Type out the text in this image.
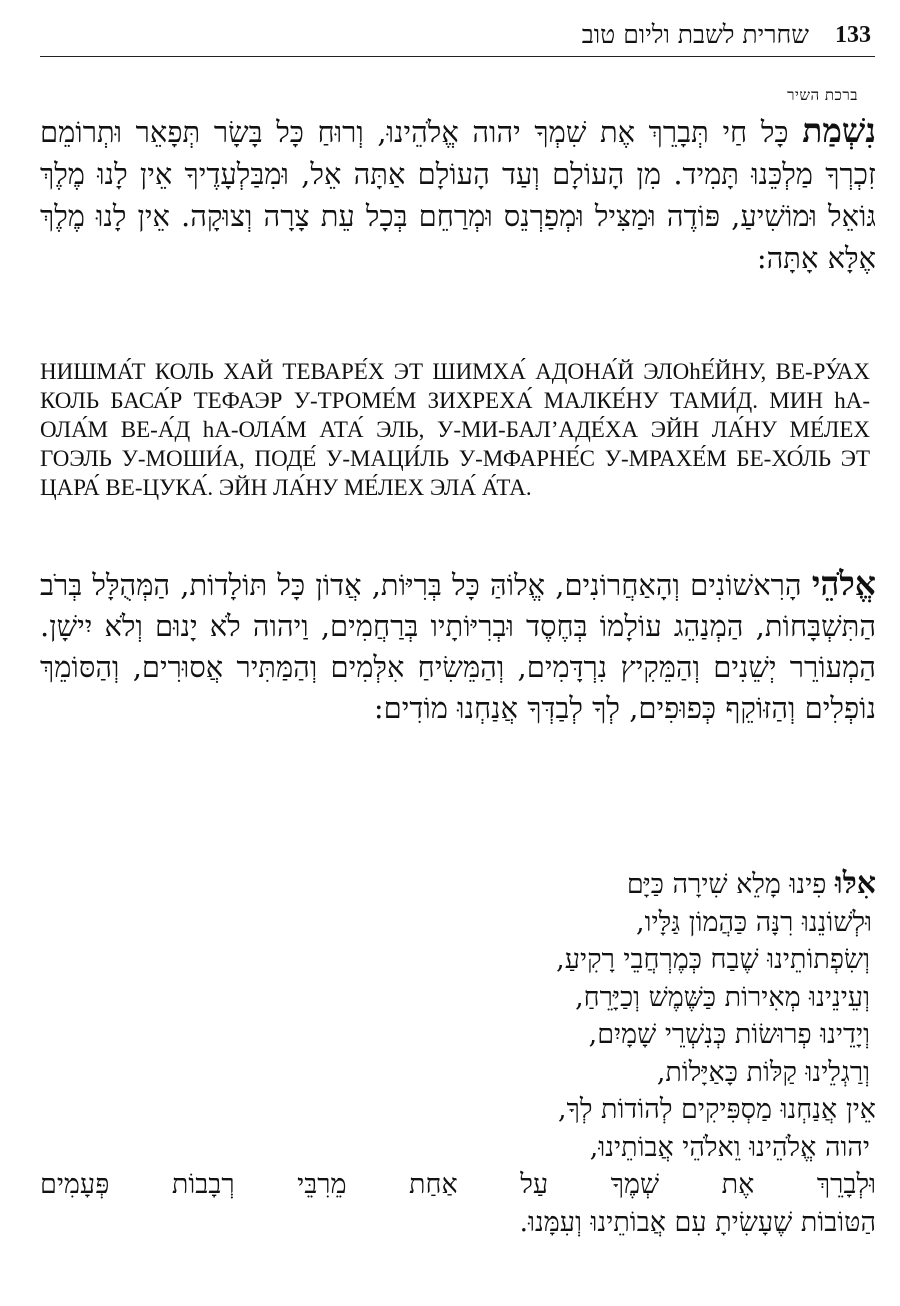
133
שחרית לשבת וליום טוב
ברכת השיר
נִשְׁמַת כָּל חַי תְּבָרֵךְ אֶת שִׁמְךָ יהוה אֱלֹהֵינוּ, וְרוּחַ כָּל בָּשָׂר תְּפָאֵר וּתְרוֹמֵם זִכְרְךָ מַלְכֵּנוּ תָּמִיד. מִן הָעוֹלָם וְעַד הָעוֹלָם אַתָּה אֵל, וּמִבַּלְעָדֶיךָ אֵין לָנוּ מֶלֶךְ גּוֹאֵל וּמוֹשִׁיעַ, פּוֹדֶה וּמַצִּיל וּמְפַרְנֵס וּמְרַחֵם בְּכָל עֵת צָרָה וְצוּקָה. אֵין לָנוּ מֶלֶךְ אֶלָּא אָתָּה:
НИШМА́Т КОЛЬ ХАЙ ТЕВАРЕ́Х ЭТ ШИМХА́ АДОНА́Й ЭЛОhЕ́ЙНУ, ВЕ-РУ́АХ КОЛЬ БАСА́Р ТЕФАЭР У-ТРОМЕ́М ЗИХРЕХА́ МАЛКЕ́НУ ТАМИ́Д. МИН hА-ОЛА́М ВЕ-А́Д hА-ОЛА́М АТА́ ЭЛЬ, У-МИ-БАЛ’АДЕ́ХА ЭЙН ЛА́НУ МЕ́ЛЕХ ГОЭЛЬ У-МОШИ́А, ПОДЕ́ У-МАЦИ́ЛЬ У-МФАРНЕ́С У-МРАХЕ́М БЕ-ХО́ЛЬ ЭТ ЦАРА́ ВЕ-ЦУКА́. ЭЙН ЛА́НУ МЕ́ЛЕХ ЭЛА́ А́ТА.
אֱלֹהֵי הָרִאשׁוֹנִים וְהָאַחֲרוֹנִים, אֱלוֹהַּ כָּל בְּרִיּוֹת, אֲדוֹן כָּל תּוֹלָדוֹת, הַמְּהֻלָּל בְּרֹב הַתִּשְׁבָּחוֹת, הַמְנַהֵג עוֹלָמוֹ בְּחֶסֶד וּבְרִיּוֹתָיו בְּרַחֲמִים, וַיהוה לֹא יָנוּם וְלֹא יִישָׁן. הַמְעוֹרֵר יְשֵׁנִים וְהַמֵּקִיץ נִרְדָּמִים, וְהַמֵּשִׂיחַ אִלְּמִים וְהַמַּתִּיר אֲסוּרִים, וְהַסּוֹמֵךְ נוֹפְלִים וְהַזּוֹקֵף כְּפוּפִים, לְךָ לְבַדְּךָ אֲנַחְנוּ מוֹדִים:
אִלּוּ פִינוּ מָלֵא שִׁירָה כַּיָּם
וּלְשׁוֹנֵנוּ רִנָּה כַּהֲמוֹן גַּלָּיו,
וְשִׂפְתוֹתֵינוּ שֶׁבַח כְּמֶרְחֲבֵי רָקִיעַ,
וְעֵינֵינוּ מְאִירוֹת כַּשֶּׁמֶשׁ וְכַיָּרֵחַ,
וְיָדֵינוּ פְרוּשׂוֹת כְּנִשְׁרֵי שָׁמָיִם,
וְרַגְלֵינוּ קַלּוֹת כָּאַיָּלוֹת,
אֵין אֲנַחְנוּ מַסְפִּיקִים לְהוֹדוֹת לְךָ,
יהוה אֱלֹהֵינוּ וֵאלֹהֵי אֲבוֹתֵינוּ,
וּלְבָרֵךְ אֶת שְׁמֶךָ עַל אַחַת מֵרִבֵּי רְבָבוֹת פְּעָמִים
הַטּוֹבוֹת שֶׁעָשִׂיתָ עִם אֲבוֹתֵינוּ וְעִמָּנוּ.
